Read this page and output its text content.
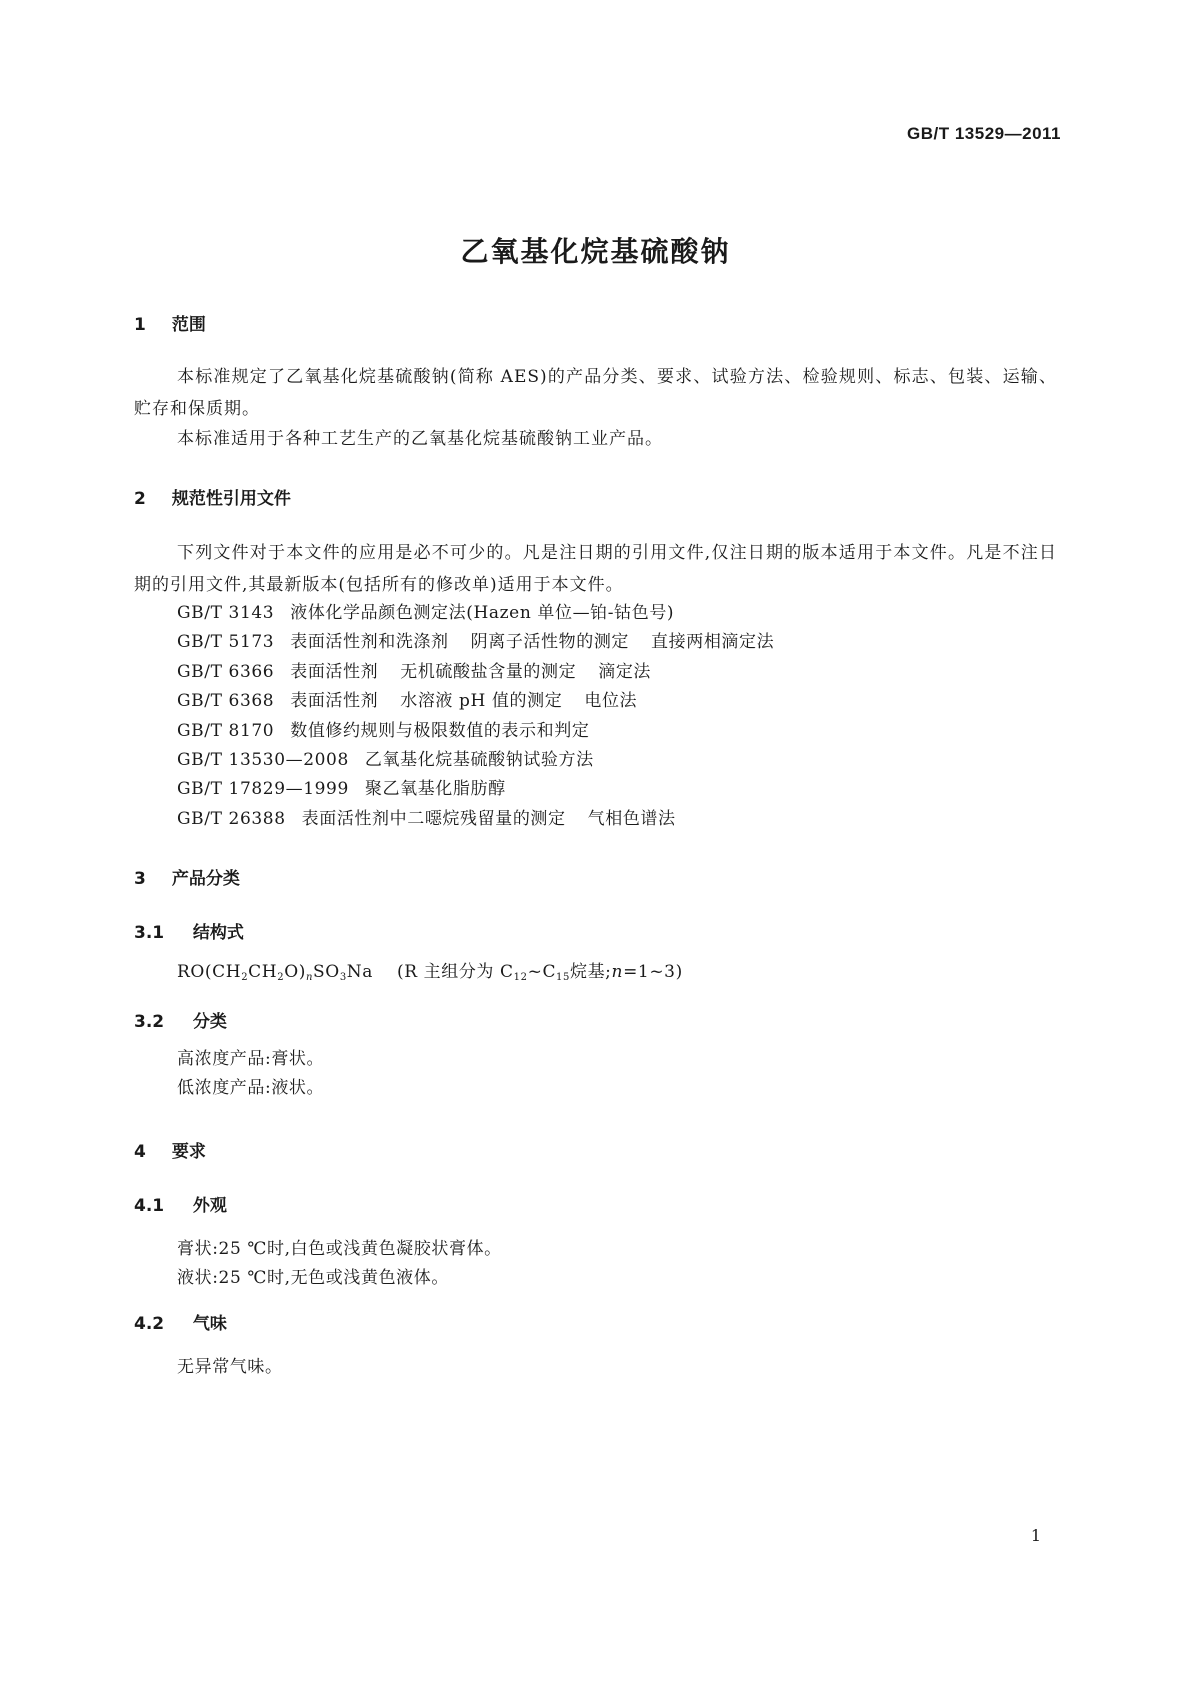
GB/T 13529—2011
乙氧基化烷基硫酸钠
1 范围

本标准规定了乙氧基化烷基硫酸钠(简称 AES)的产品分类、要求、试验方法、检验规则、标志、包装、运输、贮存和保质期。

本标准适用于各种工艺生产的乙氧基化烷基硫酸钠工业产品。

2 规范性引用文件

下列文件对于本文件的应用是必不可少的。凡是注日期的引用文件,仅注日期的版本适用于本文件。凡是不注日期的引用文件,其最新版本(包括所有的修改单)适用于本文件。

GB/T 3143 液体化学品颜色测定法(Hazen 单位—铂-钴色号)
GB/T 5173 表面活性剂和洗涤剂 阴离子活性物的测定 直接两相滴定法
GB/T 6366 表面活性剂 无机硫酸盐含量的测定 滴定法
GB/T 6368 表面活性剂 水溶液 pH 值的测定 电位法
GB/T 8170 数值修约规则与极限数值的表示和判定
GB/T 13530—2008 乙氧基化烷基硫酸钠试验方法
GB/T 17829—1999 聚乙氧基化脂肪醇
GB/T 26388 表面活性剂中二噁烷残留量的测定 气相色谱法
3 产品分类
3.1 结构式
$RO(CH_2CH_2O)_nSO_3Na$ (R 主组分为 $C_{12}\sim C_{15}$烷基;n=1~3)
3.2 分类
高浓度产品:膏状。
低浓度产品:液状。
4 要求
4.1 外观
膏状:25 ℃时,白色或浅黄色凝胶状膏体。
液状:25 ℃时,无色或浅黄色液体。
4.2 气味
无异常气味。
1
